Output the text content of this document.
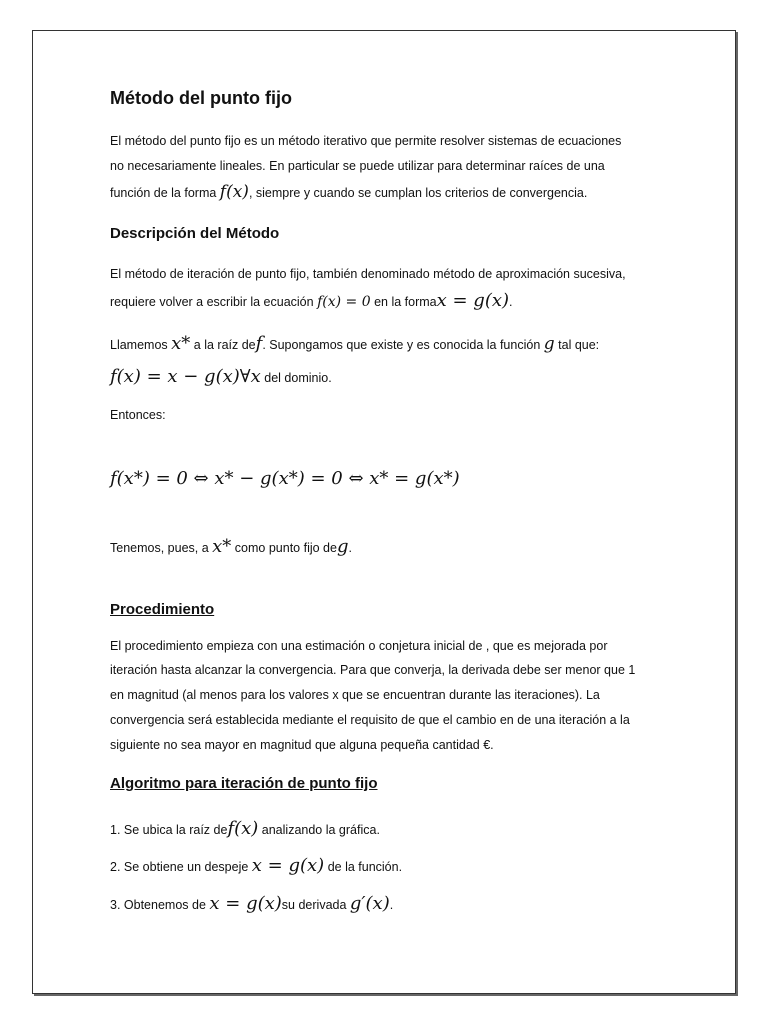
Método del punto fijo
El método del punto fijo es un método iterativo que permite resolver sistemas de ecuaciones
no necesariamente lineales. En particular se puede utilizar para determinar raíces de una
función de la forma f(x), siempre y cuando se cumplan los criterios de convergencia.
Descripción del Método
El método de iteración de punto fijo, también denominado método de aproximación sucesiva,
requiere volver a escribir la ecuación f(x) = 0 en la formax = g(x).
Llamemos x* a la raíz def. Supongamos que existe y es conocida la función g tal que:
f(x) = x − g(x)∀x del dominio.
Entonces:
f(x*) = 0 ⇔ x* − g(x*) = 0 ⇔ x* = g(x*)
Tenemos, pues, a x* como punto fijo deg.
Procedimiento
El procedimiento empieza con una estimación o conjetura inicial de , que es mejorada por
iteración hasta alcanzar la convergencia. Para que converja, la derivada debe ser menor que 1
en magnitud (al menos para los valores x que se encuentran durante las iteraciones). La
convergencia será establecida mediante el requisito de que el cambio en de una iteración a la
siguiente no sea mayor en magnitud que alguna pequeña cantidad €.
Algoritmo para iteración de punto fijo
1. Se ubica la raíz def(x) analizando la gráfica.
2. Se obtiene un despeje x = g(x) de la función.
3. Obtenemos de x = g(x)su derivada g′(x).
